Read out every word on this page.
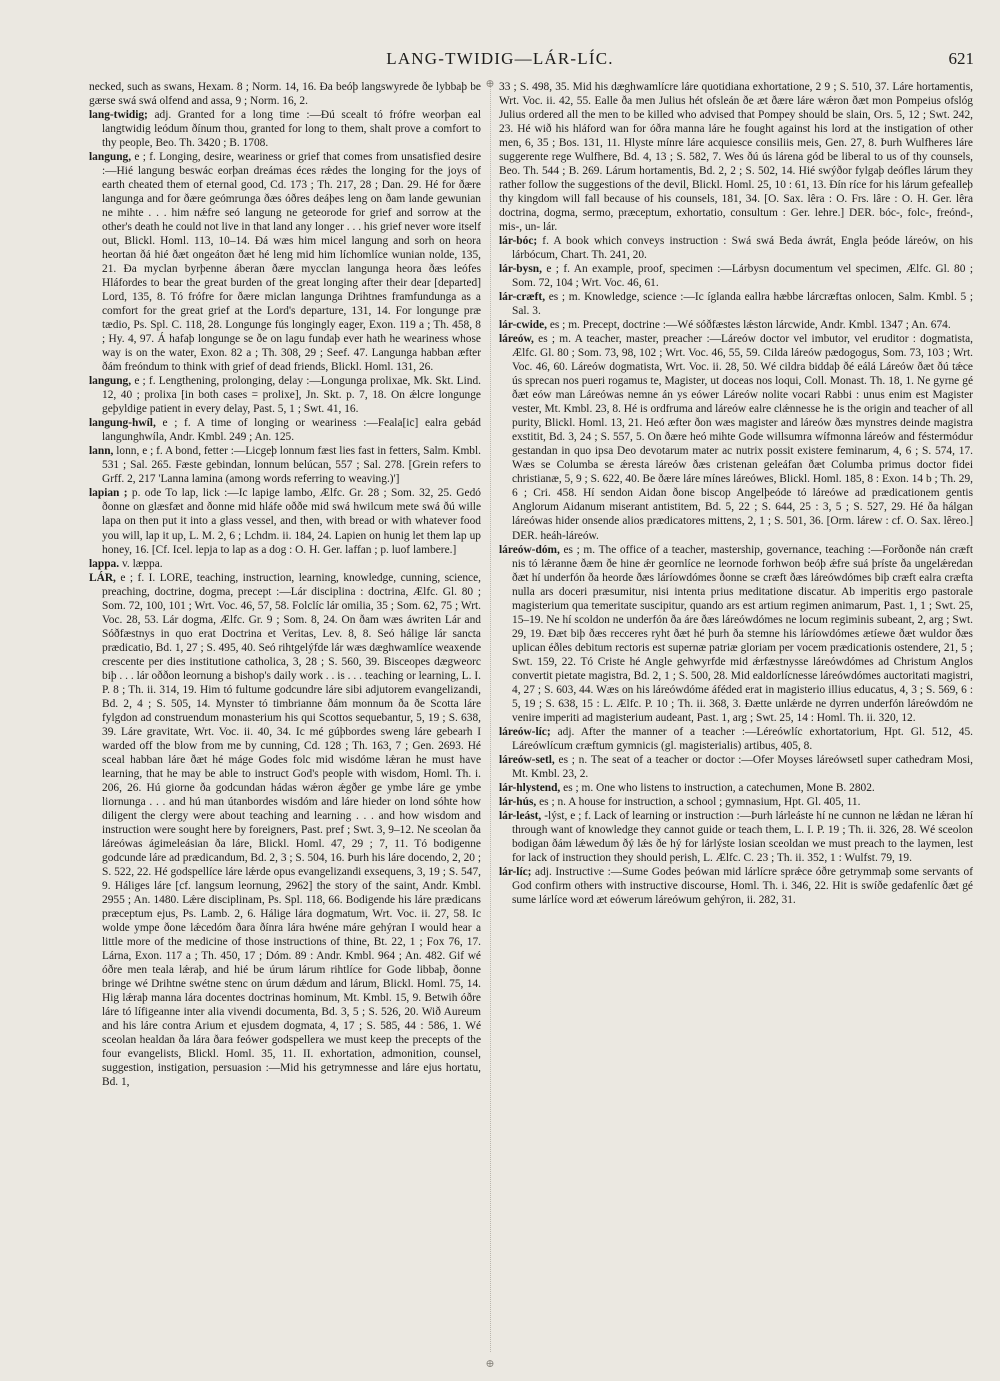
LANG-TWIDIG—LÁR-LÍC.	621
⊕
⊕

necked, such as swans, Hexam. 8 ; Norm. 14, 16. Ða beóþ langswyrede ðe lybbaþ be gærse swá swá olfend and assa, 9 ; Norm. 16, 2.

lang-twidig; adj. Granted for a long time :—Ðú scealt tó frófre weorþan eal langtwidig leódum ðínum thou, granted for long to them, shalt prove a comfort to thy people, Beo. Th. 3420 ; B. 1708.

langung, e ; f. Longing, desire, weariness or grief that comes from unsatisfied desire :—Hié langung beswác eorþan dreámas éces rǽdes the longing for the joys of earth cheated them of eternal good, Cd. 173 ; Th. 217, 28 ; Dan. 29. Hé for ðære langunga and for ðære geómrunga ðæs óðres deáþes leng on ðam lande gewunian ne mihte . . . him nǽfre seó langung ne geteorode for grief and sorrow at the other's death he could not live in that land any longer . . . his grief never wore itself out, Blickl. Homl. 113, 10–14. Ðá wæs him micel langung and sorh on heora heortan ðá hié ðæt ongeáton ðæt hé leng mid him líchomlíce wunian nolde, 135, 21. Ða myclan byrþenne áberan ðære mycclan langunga heora ðæs leófes Hláfordes to bear the great burden of the great longing after their dear [departed] Lord, 135, 8. Tó frófre for ðære miclan langunga Drihtnes framfundunga as a comfort for the great grief at the Lord's departure, 131, 14. For longunge præ tædio, Ps. Spl. C. 118, 28. Longunge fús longingly eager, Exon. 119 a ; Th. 458, 8 ; Hy. 4, 97. Á hafaþ longunge se ðe on lagu fundaþ ever hath he weariness whose way is on the water, Exon. 82 a ; Th. 308, 29 ; Seef. 47. Langunga habban æfter ðám freóndum to think with grief of dead friends, Blickl. Homl. 131, 26.

langung, e ; f. Lengthening, prolonging, delay :—Longunga prolixae, Mk. Skt. Lind. 12, 40 ; prolixa [in both cases = prolixe], Jn. Skt. p. 7, 18. On ǽlcre longunge geþyldige patient in every delay, Past. 5, 1 ; Swt. 41, 16.

langung-hwíl, e ; f. A time of longing or weariness :—Feala[ic] ealra gebád langunghwíla, Andr. Kmbl. 249 ; An. 125.

lann, lonn, e ; f. A bond, fetter :—Licgeþ lonnum fæst lies fast in fetters, Salm. Kmbl. 531 ; Sal. 265. Fæste gebindan, lonnum belúcan, 557 ; Sal. 278. [Grein refers to Grff. 2, 217 'Lanna lamina (among words referring to weaving.)']

lapian ; p. ode To lap, lick :—Ic lapige lambo, Ælfc. Gr. 28 ; Som. 32, 25. Gedó ðonne on glæsfæt and ðonne mid hláfe oððe mid swá hwilcum mete swá ðú wille lapa on then put it into a glass vessel, and then, with bread or with whatever food you will, lap it up, L. M. 2, 6 ; Lchdm. ii. 184, 24. Lapien on hunig let them lap up honey, 16. [Cf. Icel. lepja to lap as a dog : O. H. Ger. laffan ; p. luof lambere.]

lappa. v. læppa.

LÁR, e ; f. I. LORE, teaching, instruction, learning, knowledge, cunning, science, preaching, doctrine, dogma, precept :—Lár disciplina : doctrina, Ælfc. Gl. 80 ; Som. 72, 100, 101 ; Wrt. Voc. 46, 57, 58. Folclíc lár omilia, 35 ; Som. 62, 75 ; Wrt. Voc. 28, 53. Lár dogma, Ælfc. Gr. 9 ; Som. 8, 24. On ðam wæs áwriten Lár and Sóðfæstnys in quo erat Doctrina et Veritas, Lev. 8, 8. Seó hálige lár sancta prædicatio, Bd. 1, 27 ; S. 495, 40. Seó rihtgelýfde lár wæs dæghwamlíce weaxende crescente per dies institutione catholica, 3, 28 ; S. 560, 39. Bisceopes dægweorc biþ . . . lár oððon leornung a bishop's daily work . . is . . . teaching or learning, L. I. P. 8 ; Th. ii. 314, 19. Him tó fultume godcundre láre sibi adjutorem evangelizandi, Bd. 2, 4 ; S. 505, 14. Mynster tó timbrianne ðám monnum ða ðe Scotta láre fylgdon ad construendum monasterium his qui Scottos sequebantur, 5, 19 ; S. 638, 39. Láre gravitate, Wrt. Voc. ii. 40, 34. Ic mé gúþbordes sweng láre gebearh I warded off the blow from me by cunning, Cd. 128 ; Th. 163, 7 ; Gen. 2693. Hé sceal habban láre ðæt hé máge Godes folc mid wisdóme lǽran he must have learning, that he may be able to instruct God's people with wisdom, Homl. Th. i. 206, 26. Hú giorne ða godcundan hádas wǽron ǽgðer ge ymbe láre ge ymbe liornunga . . . and hú man útanbordes wisdóm and láre hieder on lond sóhte how diligent the clergy were about teaching and learning . . . and how wisdom and instruction were sought here by foreigners, Past. pref ; Swt. 3, 9–12. Ne sceolan ða láreówas ágimeleásian ða láre, Blickl. Homl. 47, 29 ; 7, 11. Tó bodigenne godcunde láre ad prædicandum, Bd. 2, 3 ; S. 504, 16. Þurh his láre docendo, 2, 20 ; S. 522, 22. Hé godspellíce láre lǽrde opus evangelizandi exsequens, 3, 19 ; S. 547, 9. Háliges láre [cf. langsum leornung, 2962] the story of the saint, Andr. Kmbl. 2955 ; An. 1480. Lǽre disciplinam, Ps. Spl. 118, 66. Bodigende his láre prædicans præceptum ejus, Ps. Lamb. 2, 6. Hálige lára dogmatum, Wrt. Voc. ii. 27, 58. Ic wolde ympe ðone lǽcedóm ðara ðínra lára hwéne máre gehýran I would hear a little more of the medicine of those instructions of thine, Bt. 22, 1 ; Fox 76, 17. Lárna, Exon. 117 a ; Th. 450, 17 ; Dóm. 89 : Andr. Kmbl. 964 ; An. 482. Gif wé óðre men teala lǽraþ, and hié be úrum lárum rihtlíce for Gode libbaþ, ðonne bringe wé Drihtne swétne stenc on úrum dǽdum and lárum, Blickl. Homl. 75, 14. Hig lǽraþ manna lára docentes doctrinas hominum, Mt. Kmbl. 15, 9. Betwih óðre láre tó lífigeanne inter alia vivendi documenta, Bd. 3, 5 ; S. 526, 20. Wið Aureum and his láre contra Arium et ejusdem dogmata, 4, 17 ; S. 585, 44 : 586, 1. Wé sceolan healdan ða lára ðara feówer godspellera we must keep the precepts of the four evangelists, Blickl. Homl. 35, 11. II. exhortation, admonition, counsel, suggestion, instigation, persuasion :—Mid his getrymnesse and láre ejus hortatu, Bd. 1,

33 ; S. 498, 35. Mid his dæghwamlícre láre quotidiana exhortatione, 2 9 ; S. 510, 37. Láre hortamentis, Wrt. Voc. ii. 42, 55. Ealle ða men Julius hét ofsleán ðe æt ðære láre wǽron ðæt mon Pompeius ofslóg Julius ordered all the men to be killed who advised that Pompey should be slain, Ors. 5, 12 ; Swt. 242, 23. Hé wið his hláford wan for óðra manna láre he fought against his lord at the instigation of other men, 6, 35 ; Bos. 131, 11. Hlyste mínre láre acquiesce consiliis meis, Gen. 27, 8. Þurh Wulfheres láre suggerente rege Wulfhere, Bd. 4, 13 ; S. 582, 7. Wes ðú ús lárena gód be liberal to us of thy counsels, Beo. Th. 544 ; B. 269. Lárum hortamentis, Bd. 2, 2 ; S. 502, 14. Hié swýðor fylgaþ deófles lárum they rather follow the suggestions of the devil, Blickl. Homl. 25, 10 : 61, 13. Ðín ríce for his lárum gefealleþ thy kingdom will fall because of his counsels, 181, 34. [O. Sax. lêra : O. Frs. lâre : O. H. Ger. lêra doctrina, dogma, sermo, præceptum, exhortatio, consultum : Ger. lehre.] DER. bóc-, folc-, freónd-, mis-, un- lár.

lár-bóc; f. A book which conveys instruction : Swá swá Beda áwrát, Engla þeóde láreów, on his lárbócum, Chart. Th. 241, 20.

lár-bysn, e ; f. An example, proof, specimen :—Lárbysn documentum vel specimen, Ælfc. Gl. 80 ; Som. 72, 104 ; Wrt. Voc. 46, 61.

lár-cræft, es ; m. Knowledge, science :—Ic íglanda eallra hæbbe lárcræftas onlocen, Salm. Kmbl. 5 ; Sal. 3.

lár-cwide, es ; m. Precept, doctrine :—Wé sóðfæstes lǽston lárcwide, Andr. Kmbl. 1347 ; An. 674.

láreów, es ; m. A teacher, master, preacher :—Láreów doctor vel imbutor, vel eruditor : dogmatista, Ælfc. Gl. 80 ; Som. 73, 98, 102 ; Wrt. Voc. 46, 55, 59. Cilda láreów pædogogus, Som. 73, 103 ; Wrt. Voc. 46, 60. Láreów dogmatista, Wrt. Voc. ii. 28, 50. Wé cildra biddaþ ðé eálá Láreów ðæt ðú tǽce ús sprecan nos pueri rogamus te, Magister, ut doceas nos loqui, Coll. Monast. Th. 18, 1. Ne gyrne gé ðæt eów man Láreówas nemne án ys eówer Láreów nolite vocari Rabbi : unus enim est Magister vester, Mt. Kmbl. 23, 8. Hé is ordfruma and láreów ealre clǽnnesse he is the origin and teacher of all purity, Blickl. Homl. 13, 21. Heó æfter ðon wæs magister and láreów ðæs mynstres deinde magistra exstitit, Bd. 3, 24 ; S. 557, 5. On ðære heó mihte Gode willsumra wífmonna láreów and féstermódur gestandan in quo ipsa Deo devotarum mater ac nutrix possit existere feminarum, 4, 6 ; S. 574, 17. Wæs se Columba se ǽresta láreów ðæs cristenan geleáfan ðæt Columba primus doctor fidei christianæ, 5, 9 ; S. 622, 40. Be ðære láre mínes láreówes, Blickl. Homl. 185, 8 : Exon. 14 b ; Th. 29, 6 ; Cri. 458. Hí sendon Aidan ðone biscop Angelþeóde tó láreówe ad prædicationem gentis Anglorum Aidanum miserant antistitem, Bd. 5, 22 ; S. 644, 25 : 3, 5 ; S. 527, 29. Hé ða hálgan láreówas hider onsende alios prædicatores mittens, 2, 1 ; S. 501, 36. [Orm. lárew : cf. O. Sax. lêreo.] DER. heáh-láreów.

láreów-dóm, es ; m. The office of a teacher, mastership, governance, teaching :—Forðonðe nán cræft nis tó lǽranne ðæm ðe hine ǽr geornlíce ne leornode forhwon beóþ ǽfre suá þríste ða ungelǽredan ðæt hí underfón ða heorde ðæs láríowdómes ðonne se cræft ðæs láreówdómes biþ cræft ealra cræfta nulla ars doceri præsumitur, nisi intenta prius meditatione discatur. Ab imperitis ergo pastorale magisterium qua temeritate suscipitur, quando ars est artium regimen animarum, Past. 1, 1 ; Swt. 25, 15–19. Ne hí scoldon ne underfón ða áre ðæs láreówdómes ne locum regiminis subeant, 2, arg ; Swt. 29, 19. Ðæt biþ ðæs recceres ryht ðæt hé þurh ða stemne his láríowdómes ætíewe ðæt wuldor ðæs uplican éðles debitum rectoris est supernæ patriæ gloriam per vocem prædicationis ostendere, 21, 5 ; Swt. 159, 22. Tó Criste hé Angle gehwyrfde mid ǽrfæstnysse láreówdómes ad Christum Anglos convertit pietate magistra, Bd. 2, 1 ; S. 500, 28. Mid ealdorlícnesse láreówdómes auctoritati magistri, 4, 27 ; S. 603, 44. Wæs on his láreówdóme áféded erat in magisterio illius educatus, 4, 3 ; S. 569, 6 : 5, 19 ; S. 638, 15 : L. Ælfc. P. 10 ; Th. ii. 368, 3. Ðætte unlǽrde ne dyrren underfón láreówdóm ne venire imperiti ad magisterium audeant, Past. 1, arg ; Swt. 25, 14 : Homl. Th. ii. 320, 12.

láreów-líc; adj. After the manner of a teacher :—Léreówlíc exhortatorium, Hpt. Gl. 512, 45. Láreówlícum cræftum gymnicis (gl. magisterialis) artibus, 405, 8.

láreów-setl, es ; n. The seat of a teacher or doctor :—Ofer Moyses láreówsetl super cathedram Mosi, Mt. Kmbl. 23, 2.

lár-hlystend, es ; m. One who listens to instruction, a catechumen, Mone B. 2802.

lár-hús, es ; n. A house for instruction, a school ; gymnasium, Hpt. Gl. 405, 11.

lár-leást, -lýst, e ; f. Lack of learning or instruction :—Þurh lárleáste hí ne cunnon ne lǽdan ne lǽran hí through want of knowledge they cannot guide or teach them, L. I. P. 19 ; Th. ii. 326, 28. Wé sceolon bodigan ðám lǽwedum ðý lǽs ðe hý for lárlýste losian sceoldan we must preach to the laymen, lest for lack of instruction they should perish, L. Ælfc. C. 23 ; Th. ii. 352, 1 : Wulfst. 79, 19.

lár-líc; adj. Instructive :—Sume Godes þeówan mid lárlícre sprǽce óðre getrymmaþ some servants of God confirm others with instructive discourse, Homl. Th. i. 346, 22. Hit is swíðe gedafenlíc ðæt gé sume lárlíce word æt eówerum láreówum gehýron, ii. 282, 31.
